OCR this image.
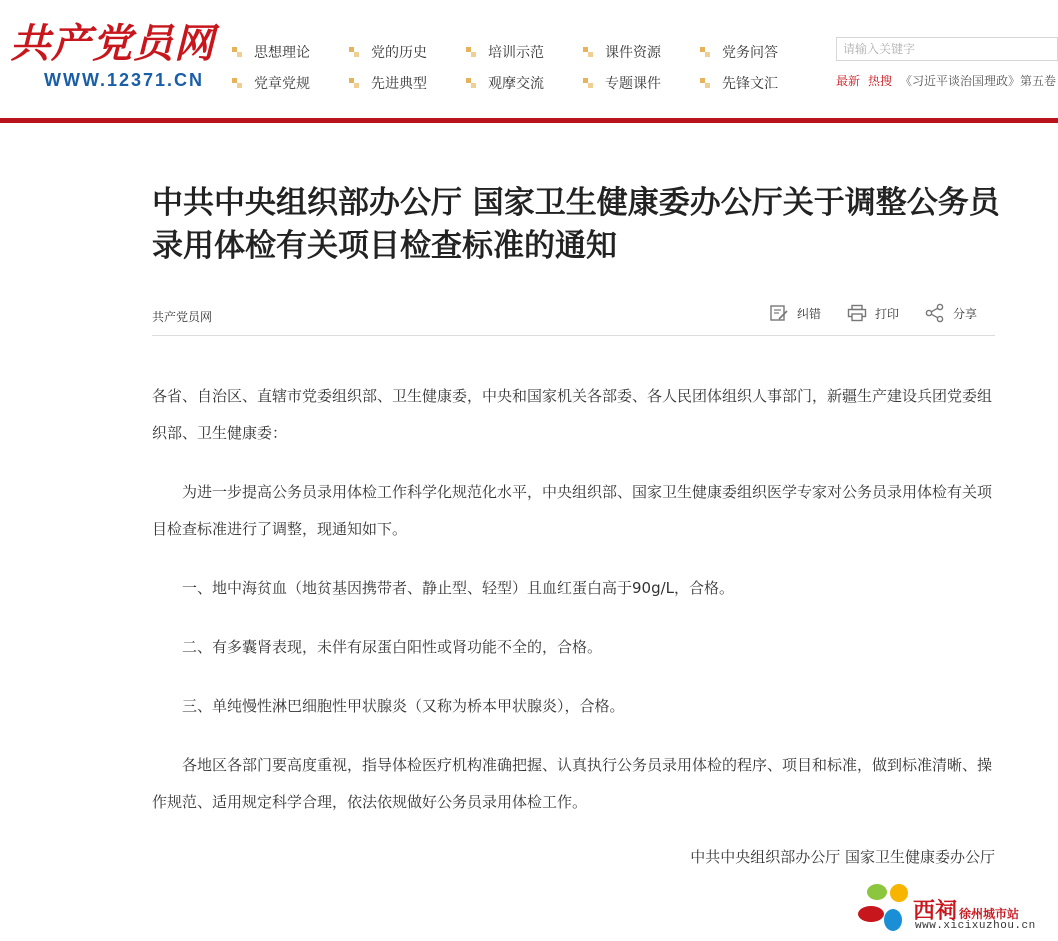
共产党员网
WWW.12371.CN
思想理论	党的历史	培训示范	课件资源	党务问答
党章党规	先进典型	观摩交流	专题课件	先锋文汇
请输入关键字	最新 热搜 《习近平谈治国理政》第五卷
中共中央组织部办公厅 国家卫生健康委办公厅关于调整公务员录用体检有关项目检查标准的通知
共产党员网	纠错	打印	分享

各省、自治区、直辖市党委组织部、卫生健康委，中央和国家机关各部委、各人民团体组织人事部门，新疆生产建设兵团党委组织部、卫生健康委：

为进一步提高公务员录用体检工作科学化规范化水平，中央组织部、国家卫生健康委组织医学专家对公务员录用体检有关项目检查标准进行了调整，现通知如下。

一、地中海贫血（地贫基因携带者、静止型、轻型）且血红蛋白高于90g/L，合格。

二、有多囊肾表现，未伴有尿蛋白阳性或肾功能不全的，合格。

三、单纯慢性淋巴细胞性甲状腺炎（又称为桥本甲状腺炎），合格。

各地区各部门要高度重视，指导体检医疗机构准确把握、认真执行公务员录用体检的程序、项目和标准，做到标准清晰、操作规范、适用规定科学合理，依法依规做好公务员录用体检工作。

中共中央组织部办公厅 国家卫生健康委办公厅

西祠 徐州城市站
www.xicixuzhou.cn
